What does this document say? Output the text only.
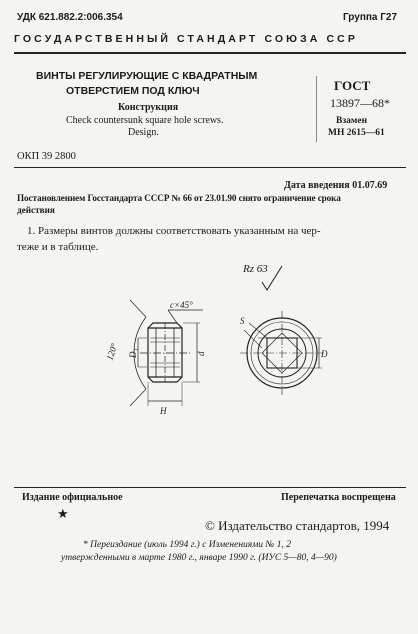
УДК 621.882.2:006.354	Группа Г27
ГОСУДАРСТВЕННЫЙ СТАНДАРТ СОЮЗА ССР
ВИНТЫ РЕГУЛИРУЮЩИЕ С КВАДРАТНЫМ
ОТВЕРСТИЕМ ПОД КЛЮЧ
Конструкция
Check countersunk square hole screws.
Design.
ГОСТ
13897—68*
Взамен
МН 2615—61
ОКП 39 2800
Дата введения 01.07.69
Постановлением Госстандарта СССР № 66 от 23.01.90 снято ограничение срока
действия
1. Размеры винтов должны соответствовать указанным на чер-
теже и в таблице.
Rz 63
c×45°
120° D₁	d
H
S
D
Издание официальное	Перепечатка воспрещена
★
© Издательство стандартов, 1994
* Переиздание (июль 1994 г.) с Изменениями № 1, 2
утвержденными в марте 1980 г., январе 1990 г. (ИУС 5—80, 4—90)
